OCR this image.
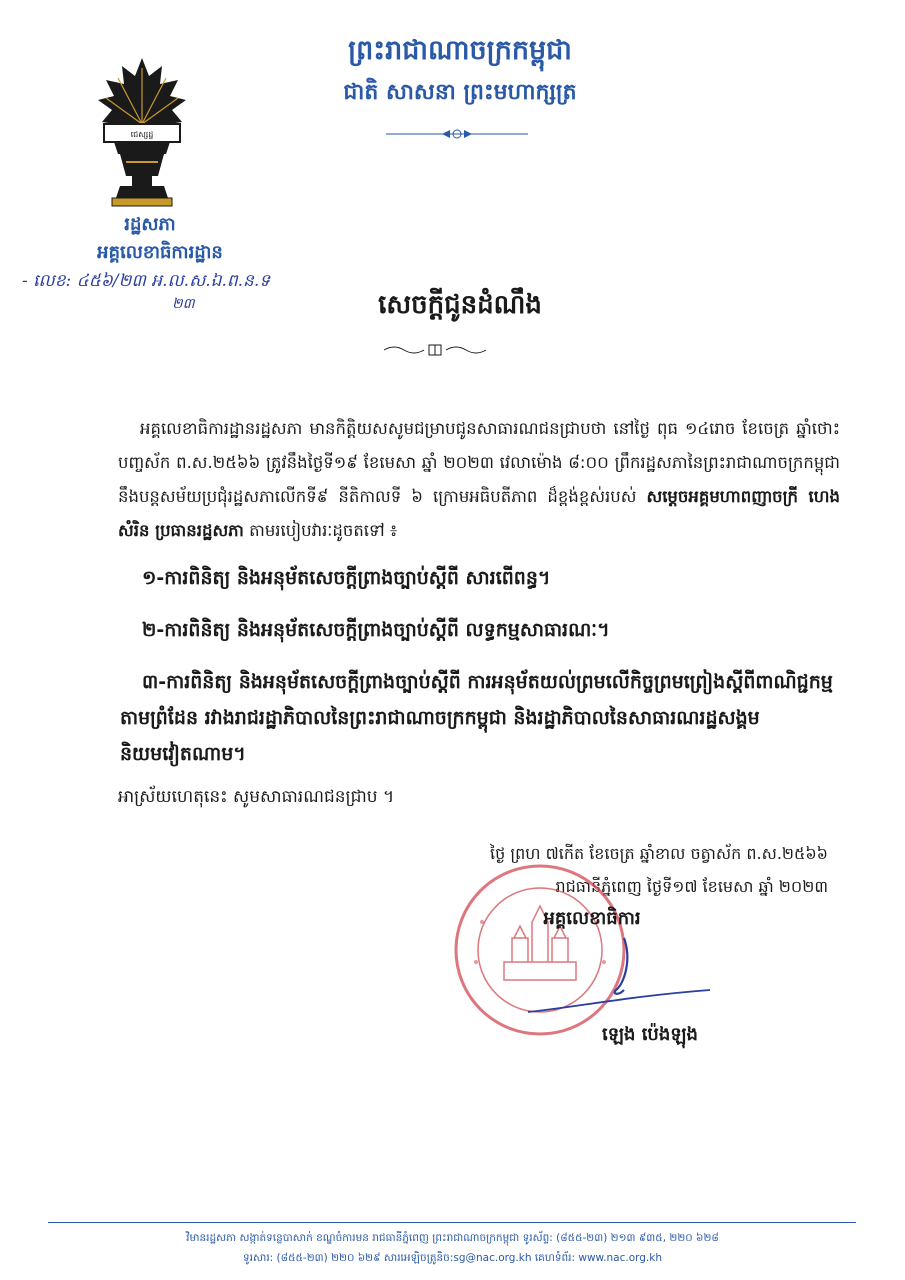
ព្រះរាជាណាចក្រកម្ពុជា
ជាតិ សាសនា ព្រះមហាក្សត្រ
ជេស្សដ្ឋ
រដ្ឋសភា
អគ្គលេខាធិការដ្ឋាន
- លេខ: ៤៥៦/២៣ អ.ល.ស.ឯ.ព.ន.ទ
២៣	សេចក្តីជូនដំណឹង
អគ្គលេខាធិការដ្ឋានរដ្ឋសភា មានកិត្តិយសសូមជម្រាបជូនសាធារណជនជ្រាបថា នៅថ្ងៃ ពុធ ១៤រោច ខែចេត្រ ឆ្នាំថោះ បញ្ចស័ក ព.ស.២៥៦៦ ត្រូវនឹងថ្ងៃទី១៩ ខែមេសា ឆ្នាំ ២០២៣ វេលាម៉ោង ៨:០០ ព្រឹករដ្ឋសភានៃព្រះរាជាណាចក្រកម្ពុជា នឹងបន្តសម័យប្រជុំរដ្ឋសភាលើកទី៩ នីតិកាលទី ៦ ក្រោមអធិបតីភាព ដ៏ខ្ពង់ខ្ពស់របស់ សម្តេចអគ្គមហាពញាចក្រី ហេង សំរិន ប្រធានរដ្ឋសភា តាមរបៀបវារៈដូចតទៅ ៖
១-ការពិនិត្យ និងអនុម័តសេចក្តីព្រាងច្បាប់ស្តីពី សារពើពន្ធ។
២-ការពិនិត្យ និងអនុម័តសេចក្តីព្រាងច្បាប់ស្តីពី លទ្ធកម្មសាធារណៈ។
៣-ការពិនិត្យ និងអនុម័តសេចក្តីព្រាងច្បាប់ស្តីពី ការអនុម័តយល់ព្រមលើកិច្ចព្រមព្រៀងស្តីពីពាណិជ្ជកម្មតាមព្រំដែន រវាងរាជរដ្ឋាភិបាលនៃព្រះរាជាណាចក្រកម្ពុជា និងរដ្ឋាភិបាលនៃសាធារណរដ្ឋសង្គមនិយមវៀតណាម។
អាស្រ័យហេតុនេះ សូមសាធារណជនជ្រាប ។
ថ្ងៃ ព្រហ ៧កើត ខែចេត្រ ឆ្នាំខាល ចត្វាស័ក ព.ស.២៥៦៦
រាជធានីភ្នំពេញ ថ្ងៃទី១៧ ខែមេសា ឆ្នាំ ២០២៣
អគ្គលេខាធិការ
ឡេង ប៉េងឡុង
វិមានរដ្ឋសភា សង្កាត់ទន្លេបាសាក់ ខណ្ឌចំការមន រាជធានីភ្នំពេញ ព្រះរាជាណាចក្រកម្ពុជា ទូរស័ព្ទ: (៨៥៥-២៣) ២១៣ ៩៣៥, ២២០ ៦២៨
ទូរសារ: (៨៥៥-២៣) ២២០ ៦២៩ សារអេឡិចត្រូនិច:sg@nac.org.kh គេហទំព័រ: www.nac.org.kh
